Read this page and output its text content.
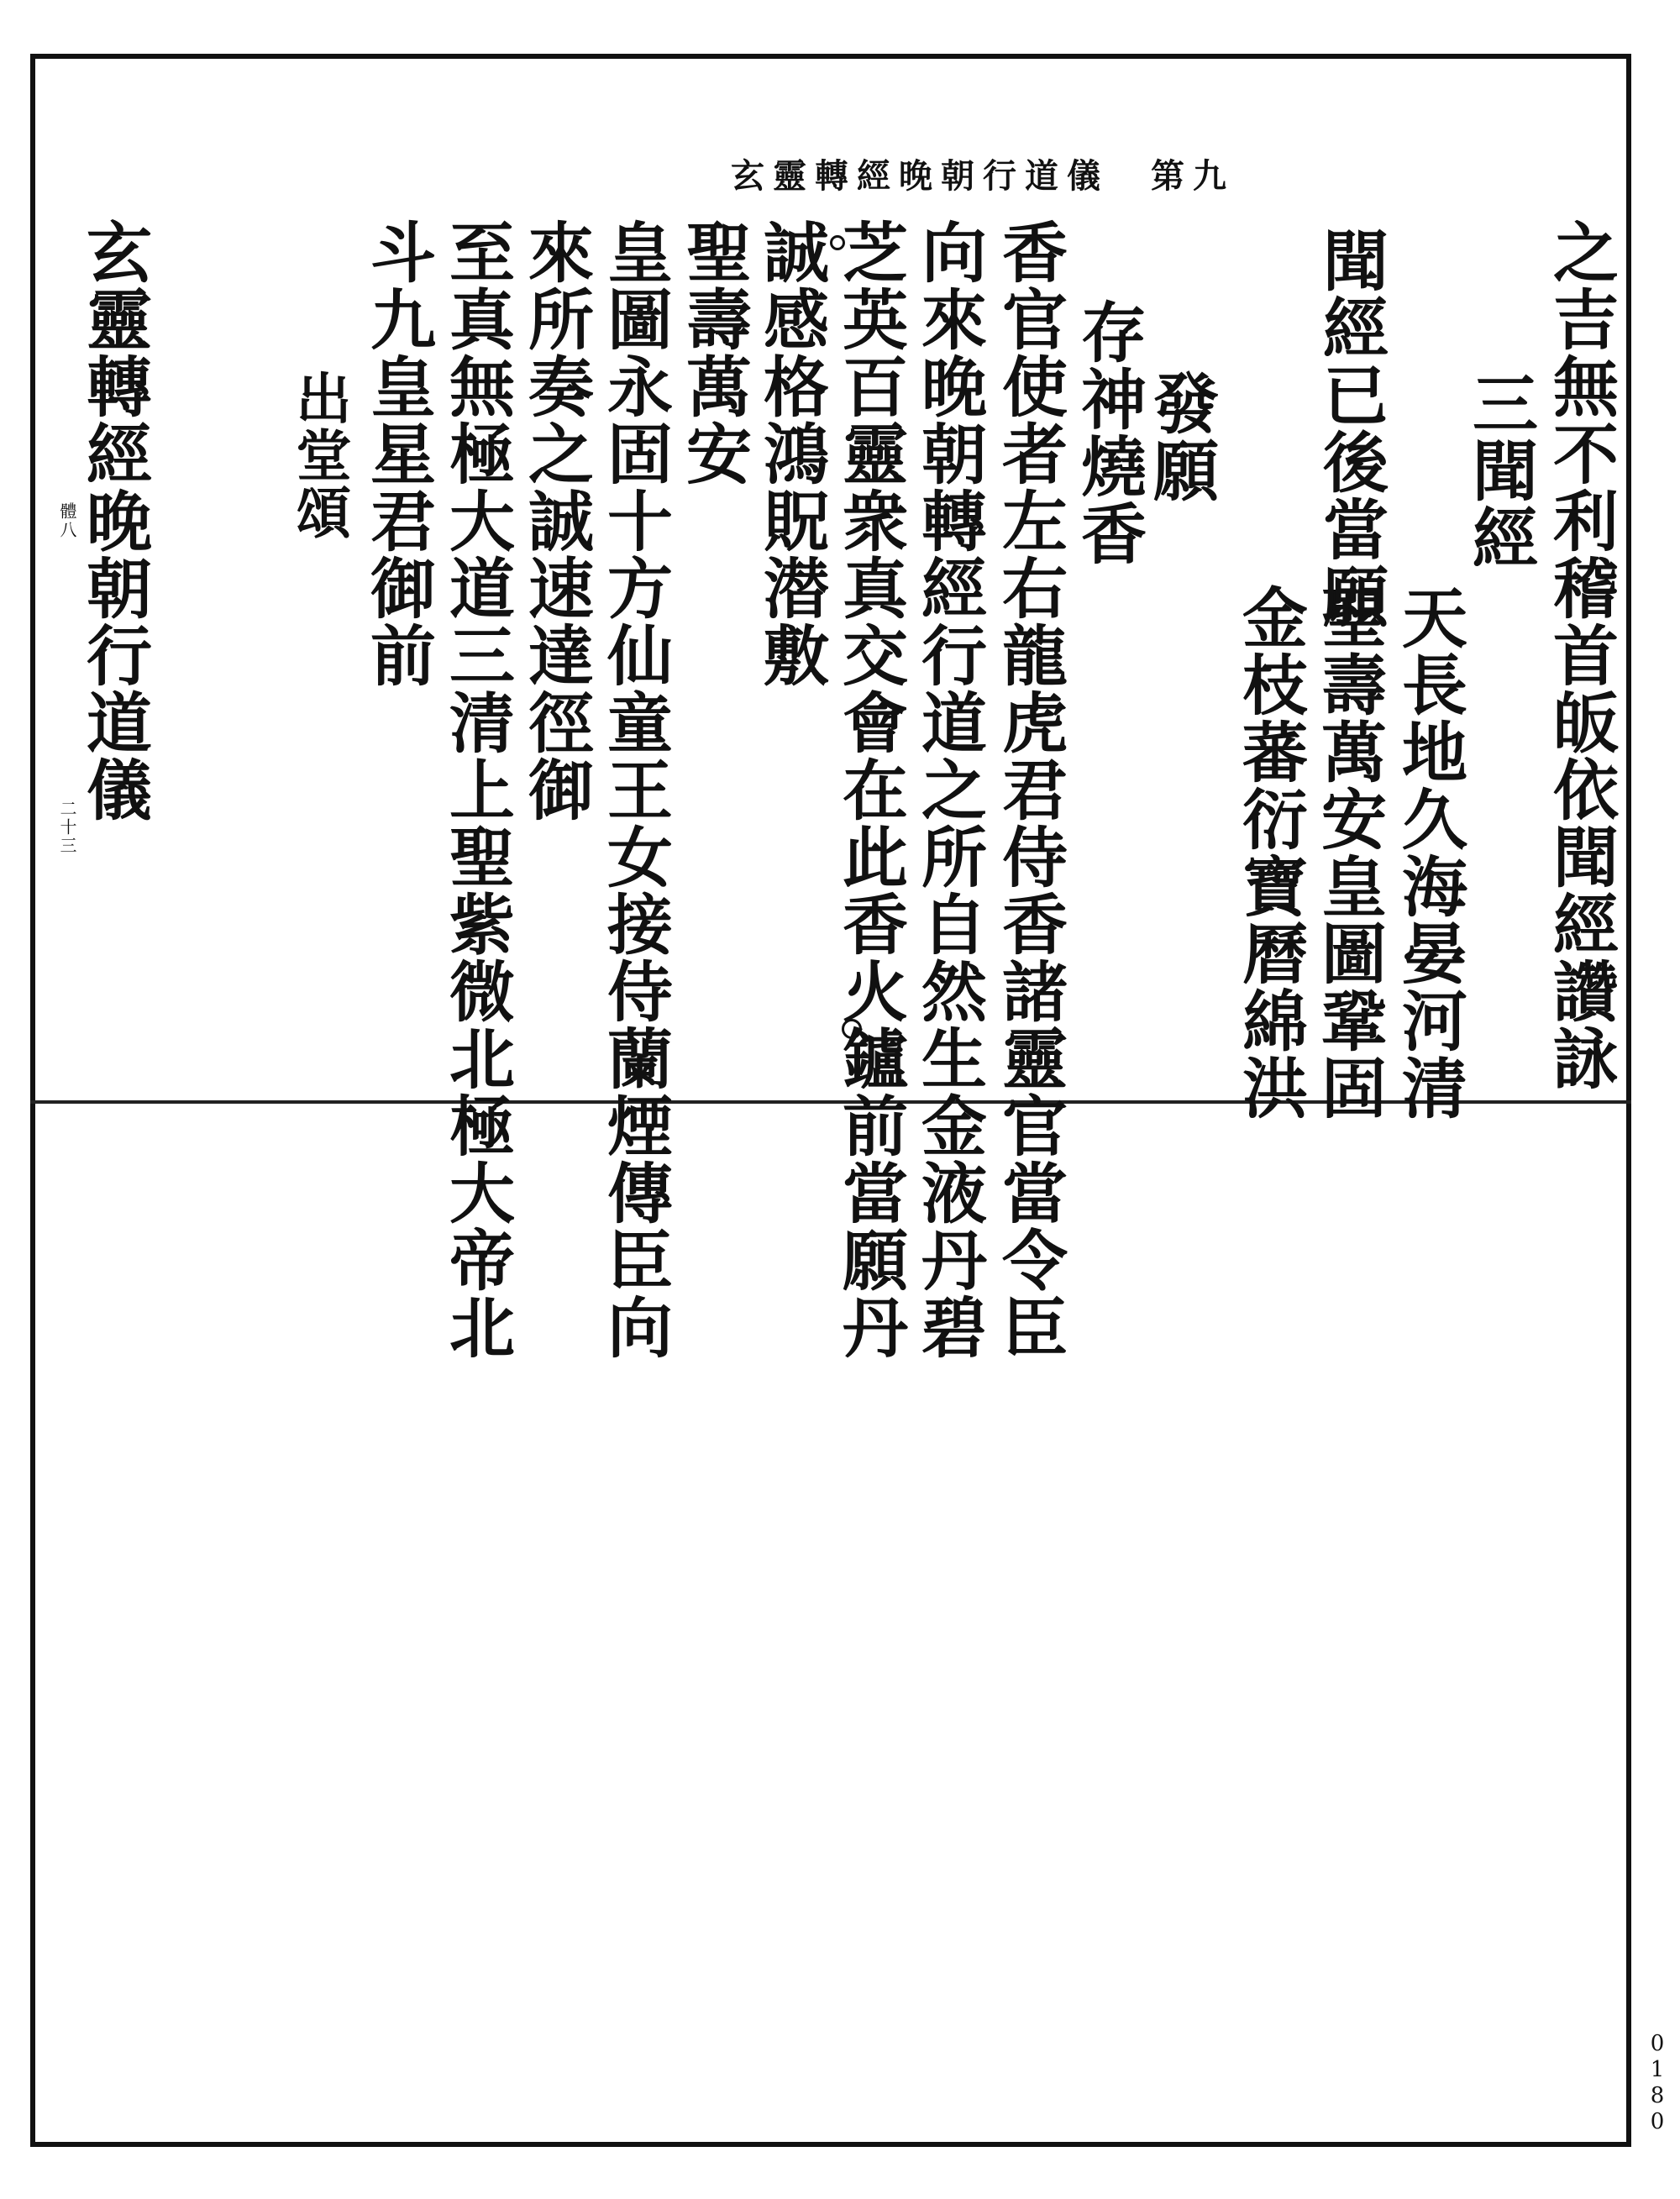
玄靈轉經晚朝行道儀　第九
之吉無不利稽首皈依聞經讚詠
三聞經
天長地久海晏河清
聖壽萬安皇圖鞏固
金枝蕃衍寶曆綿洪
聞經已後當願
發願
存神燒香
香官使者左右龍虎君侍香諸靈官當令臣
向來晚朝轉經行道之所自然生金液丹碧
芝英百靈衆真交會在此香火鑪前當願丹
誠感格鴻貺潜敷
聖壽萬安
皇圖永固十方仙童王女接侍蘭煙傳臣向
來所奏之誠速達徑御
至真無極大道三清上聖紫微北極大帝北
斗九皇星君御前
出堂頌
玄靈轉經晚朝行道儀
體八
二十三
0180
